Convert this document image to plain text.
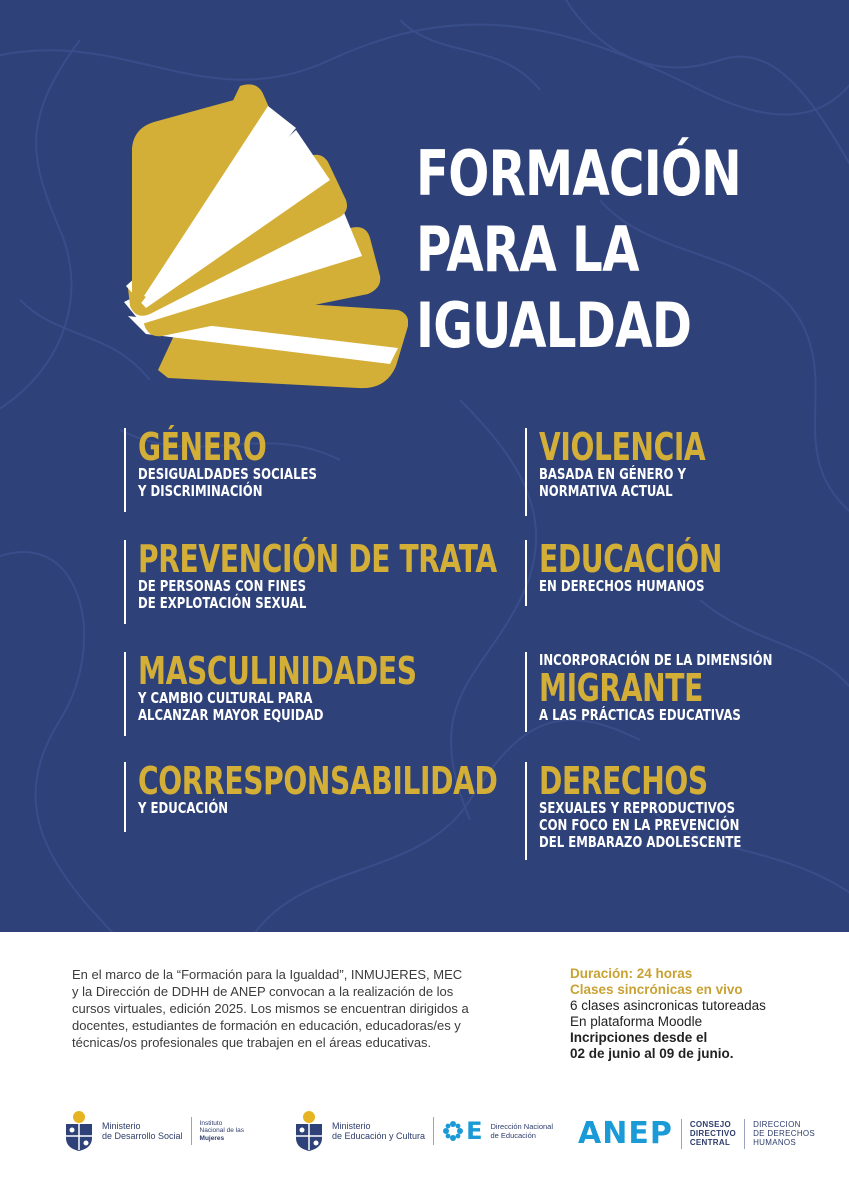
FORMACIÓN
PARA LA
IGUALDAD
GÉNERO
DESIGUALDADES SOCIALES
Y DISCRIMINACIÓN
PREVENCIÓN DE TRATA
DE PERSONAS CON FINES
DE EXPLOTACIÓN SEXUAL
MASCULINIDADES
Y CAMBIO CULTURAL PARA
ALCANZAR MAYOR EQUIDAD
CORRESPONSABILIDAD
Y EDUCACIÓN
VIOLENCIA
BASADA EN GÉNERO Y
NORMATIVA ACTUAL
EDUCACIÓN
EN DERECHOS HUMANOS
INCORPORACIÓN DE LA DIMENSIÓN
MIGRANTE
A LAS PRÁCTICAS EDUCATIVAS
DERECHOS
SEXUALES Y REPRODUCTIVOS
CON FOCO EN LA PREVENCIÓN
DEL EMBARAZO ADOLESCENTE

En el marco de la “Formación para la Igualdad”, INMUJERES, MEC y la Dirección de DDHH de ANEP convocan a la realización de los cursos virtuales, edición 2025. Los mismos se encuentran dirigidos a docentes, estudiantes de formación en educación, educadoras/es y técnicas/os profesionales que trabajen en el áreas educativas.

Duración: 24 horas
Clases sincrónicas en vivo
6 clases asincronicas tutoreadas
En plataforma Moodle
Incripciones desde el
02 de junio al 09 de junio.
Ministerio
de Desarrollo Social
Instituto
Nacional de las
Mujeres
Ministerio
de Educación y Cultura E Dirección Nacional
de Educación	ANEP CONSEJO
DIRECTIVO
CENTRAL
DIRECCION
DE DERECHOS
HUMANOS
